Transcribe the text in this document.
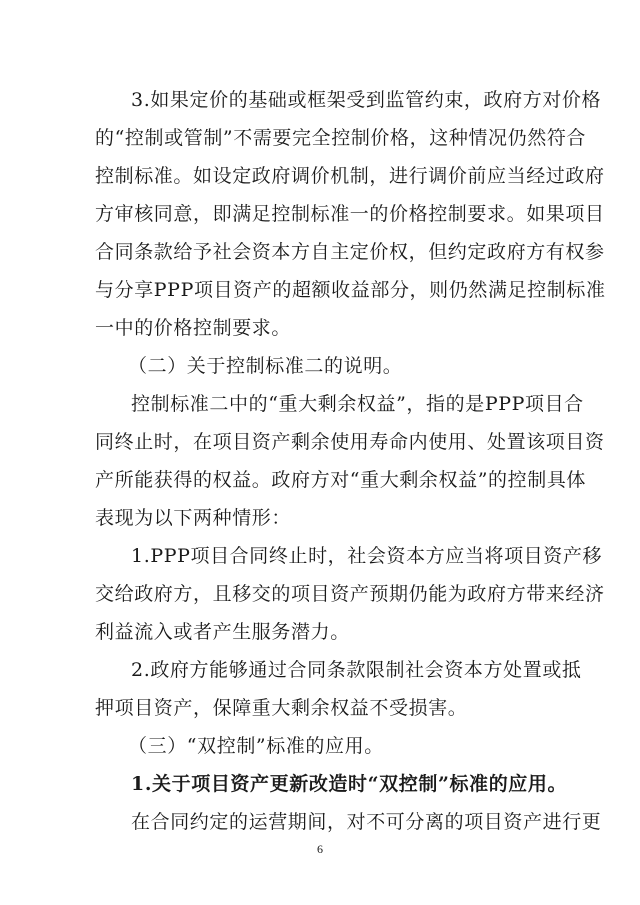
3.如果定价的基础或框架受到监管约束，政府方对价格
的“控制或管制”不需要完全控制价格，这种情况仍然符合
控制标准。如设定政府调价机制，进行调价前应当经过政府
方审核同意，即满足控制标准一的价格控制要求。如果项目
合同条款给予社会资本方自主定价权，但约定政府方有权参
与分享PPP项目资产的超额收益部分，则仍然满足控制标准
一中的价格控制要求。
（二）关于控制标准二的说明。
控制标准二中的“重大剩余权益”，指的是PPP项目合
同终止时，在项目资产剩余使用寿命内使用、处置该项目资
产所能获得的权益。政府方对“重大剩余权益”的控制具体
表现为以下两种情形：
1.PPP项目合同终止时，社会资本方应当将项目资产移
交给政府方，且移交的项目资产预期仍能为政府方带来经济
利益流入或者产生服务潜力。
2.政府方能够通过合同条款限制社会资本方处置或抵
押项目资产，保障重大剩余权益不受损害。
（三）“双控制”标准的应用。
1.关于项目资产更新改造时“双控制”标准的应用。
在合同约定的运营期间，对不可分离的项目资产进行更
6
